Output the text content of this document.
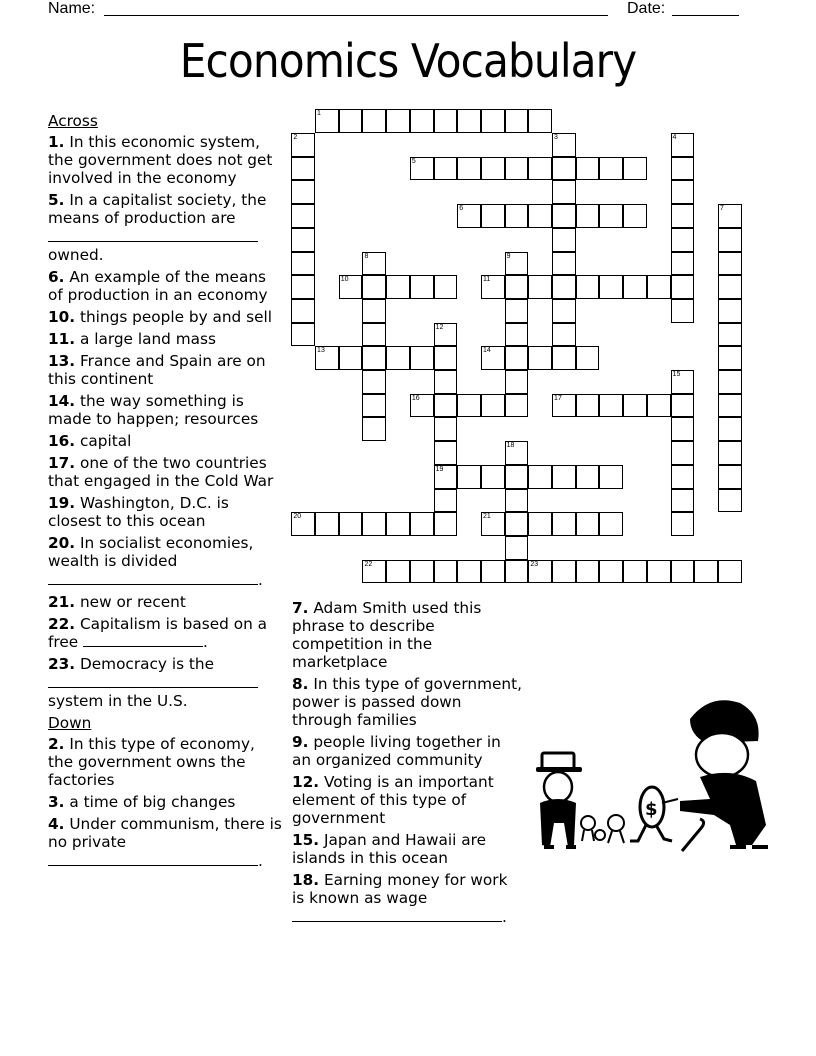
Name:	Date:
Economics Vocabulary
1
2	3	4
5
6	7
8	9
10	11
12
19
13	14
15
16	17
18
20	21
22	23
Across
1. In this economic system, the government does not get involved in the economy
5. In a capitalist society, the means of production are

owned.
6. An example of the means of production in an economy
10. things people by and sell
11. a large land mass
13. France and Spain are on this continent
14. the way something is made to happen; resources
16. capital
17. one of the two countries that engaged in the Cold War
19. Washington, D.C. is closest to this ocean
20. In socialist economies, wealth is divided
.
21. new or recent
22. Capitalism is based on a free	.
23. Democracy is the

system in the U.S.
Down
2. In this type of economy, the government owns the factories
3. a time of big changes
4. Under communism, there is no private
.
7. Adam Smith used this phrase to describe competition in the marketplace
8. In this type of government, power is passed down through families
9. people living together in an organized community
12. Voting is an important element of this type of government
15. Japan and Hawaii are islands in this ocean
18. Earning money for work is known as wage
.
$
